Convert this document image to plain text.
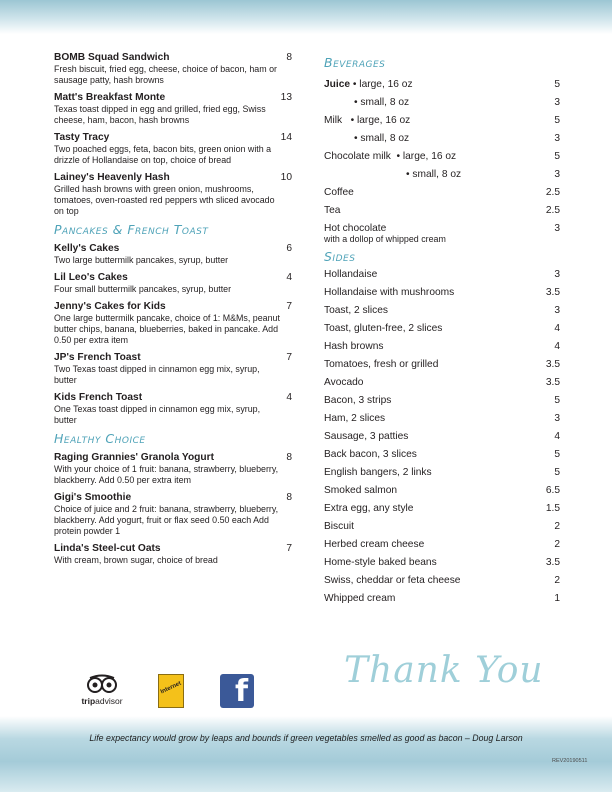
BOMB Squad Sandwich	8
Fresh biscuit, fried egg, cheese, choice of bacon, ham or sausage patty, hash browns
Matt's Breakfast Monte	13
Texas toast dipped in egg and grilled, fried egg, Swiss cheese, ham, bacon, hash browns
Tasty Tracy	14
Two poached eggs, feta, bacon bits, green onion with a drizzle of Hollandaise on top, choice of bread
Lainey's Heavenly Hash	10
Grilled hash browns with green onion, mushrooms, tomatoes, oven-roasted red peppers wth sliced avocado on top
Pancakes & French Toast
Kelly's Cakes	6
Two large buttermilk pancakes, syrup, butter
Lil Leo's Cakes	4
Four small buttermilk pancakes, syrup, butter
Jenny's Cakes for Kids	7
One large buttermilk pancake, choice of 1: M&Ms, peanut butter chips, banana, blueberries, baked in pancake. Add 0.50 per extra item
JP's French Toast	7
Two Texas toast dipped in cinnamon egg mix, syrup, butter
Kids French Toast	4
One Texas toast dipped in cinnamon egg mix, syrup, butter
Healthy Choice
Raging Grannies' Granola Yogurt	8
With your choice of 1 fruit: banana, strawberry, blueberry, blackberry. Add 0.50 per extra item
Gigi's Smoothie	8
Choice of juice and 2 fruit: banana, strawberry, blueberry, blackberry. Add yogurt, fruit or flax seed 0.50 each Add protein powder 1
Linda's Steel-cut Oats	7
With cream, brown sugar, choice of bread
Beverages
Juice • large, 16 oz	5
• small, 8 oz	3
Milk • large, 16 oz	5
• small, 8 oz	3
Chocolate milk • large, 16 oz	5
• small, 8 oz	3
Coffee	2.5
Tea	2.5
Hot chocolate	3
with a dollop of whipped cream
Sides
Hollandaise	3
Hollandaise with mushrooms	3.5
Toast, 2 slices	3
Toast, gluten-free, 2 slices	4
Hash browns	4
Tomatoes, fresh or grilled	3.5
Avocado	3.5
Bacon, 3 strips	5
Ham, 2 slices	3
Sausage, 3 patties	4
Back bacon, 3 slices	5
English bangers, 2 links	5
Smoked salmon	6.5
Extra egg, any style	1.5
Biscuit	2
Herbed cream cheese	2
Home-style baked beans	3.5
Swiss, cheddar or feta cheese	2
Whipped cream	1
tripadvisor
Internet	f
Thank You
Life expectancy would grow by leaps and bounds if green vegetables smelled as good as bacon – Doug Larson
REV20190511
